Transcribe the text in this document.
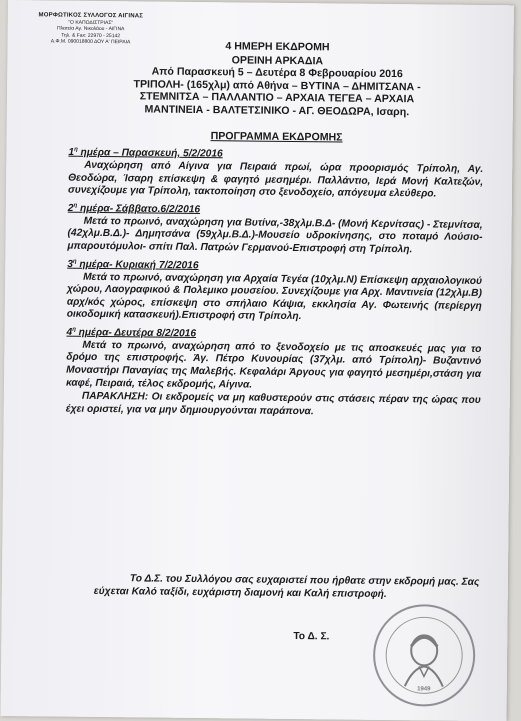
ΜΟΡΦΩΤΙΚΟΣ ΣΥΛΛΟΓΟΣ ΑΙΓΙΝΑΣ
"Ο ΚΑΠΟΔΙΣΤΡΙΑΣ"
Πλατεία Αγ. Νικολάου - ΑΙΓΙΝΑ
Τηλ. & Fax: 22970 - 25142
Α.Φ.Μ. 090018800 ΔΟΥ Α' ΠΕΙΡΑΙΑ	4 ΗΜΕΡΗ ΕΚΔΡΟΜΗ
ΟΡΕΙΝΗ ΑΡΚΑΔΙΑ
Από Παρασκευή 5 – Δευτέρα 8 Φεβρουαρίου 2016
ΤΡΙΠΟΛΗ- (165χλμ) από Αθήνα – ΒΥΤΙΝΑ – ΔΗΜΙΤΣΑΝΑ -
ΣΤΕΜΝΙΤΣΑ – ΠΑΛΛΑΝΤΙΟ – ΑΡΧΑΙΑ ΤΕΓΕΑ – ΑΡΧΑΙΑ
ΜΑΝΤΙΝΕΙΑ - ΒΑΛΤΕΤΣΙΝΙΚΟ - ΑΓ. ΘΕΟΔΩΡΑ, Ισαρη.
ΠΡΟΓΡΑΜΜΑ ΕΚΔΡΟΜΗΣ
$1^\eta$ ημέρα – Παρασκευή, 5/2/2016
Αναχώρηση από Αίγινα για Πειραιά πρωί, ώρα προορισμός Τρίπολη, Αγ. Θεοδώρα, Ίσαρη επίσκεψη & φαγητό μεσημέρι. Παλλάντιο, Ιερά Μονή Καλτεζών, συνεχίζουμε για Τρίπολη, τακτοποίηση στο ξενοδοχείο, απόγευμα ελεύθερο.
$2^\eta$ ημέρα- Σάββατο.6/2/2016
Μετά το πρωινό, αναχώρηση για Βυτίνα,-38χλμ.Β.Δ- (Μονή Κερνίτσας) - Στεμνίτσα,(42χλμ.Β.Δ.)- Δημητσάνα (59χλμ.Β.Δ.)-Μουσείο υδροκίνησης, στο ποταμό Λούσιο- μπαρουτόμυλοι- σπίτι Παλ. Πατρών Γερμανού-Επιστροφή στη Τρίπολη.
$3^\eta$ ημέρα- Κυριακή 7/2/2016
Μετά το πρωινό, αναχώρηση για Αρχαία Τεγέα (10χλμ.Ν) Επίσκεψη αρχαιολογικού χώρου, Λαογραφικού & Πολεμικο μουσείου. Συνεχίζουμε για Αρχ. Μαντινεία (12χλμ.Β) αρχ/κός χώρος, επίσκεψη στο σπήλαιο Κάψια, εκκλησία Αγ. Φωτεινής (περίεργη οικοδομική κατασκευή).Επιστροφή στη Τρίπολη.
$4^\eta$ ημέρα- Δευτέρα 8/2/2016
Μετά το πρωινό, αναχώρηση από το ξενοδοχείο με τις αποσκευές μας για το δρόμο της επιστροφής. Άγ. Πέτρο Κυνουρίας (37χλμ. από Τρίπολη)- Βυζαντινό Μοναστήρι Παναγίας της Μαλεβής. Κεφαλάρι Άργους για φαγητό μεσημέρι,στάση για καφέ, Πειραιά, τέλος εκδρομής, Αίγινα.
ΠΑΡΑΚΛΗΣΗ: Οι εκδρομείς να μη καθυστερούν στις στάσεις πέραν της ώρας που έχει οριστεί, για να μην δημιουργούνται παράπονα.
Το Δ.Σ. του Συλλόγου σας ευχαριστεί που ήρθατε στην εκδρομή μας. Σας εύχεται Καλό ταξίδι, ευχάριστη διαμονή και Καλή επιστροφή.
Το Δ. Σ.
1949
